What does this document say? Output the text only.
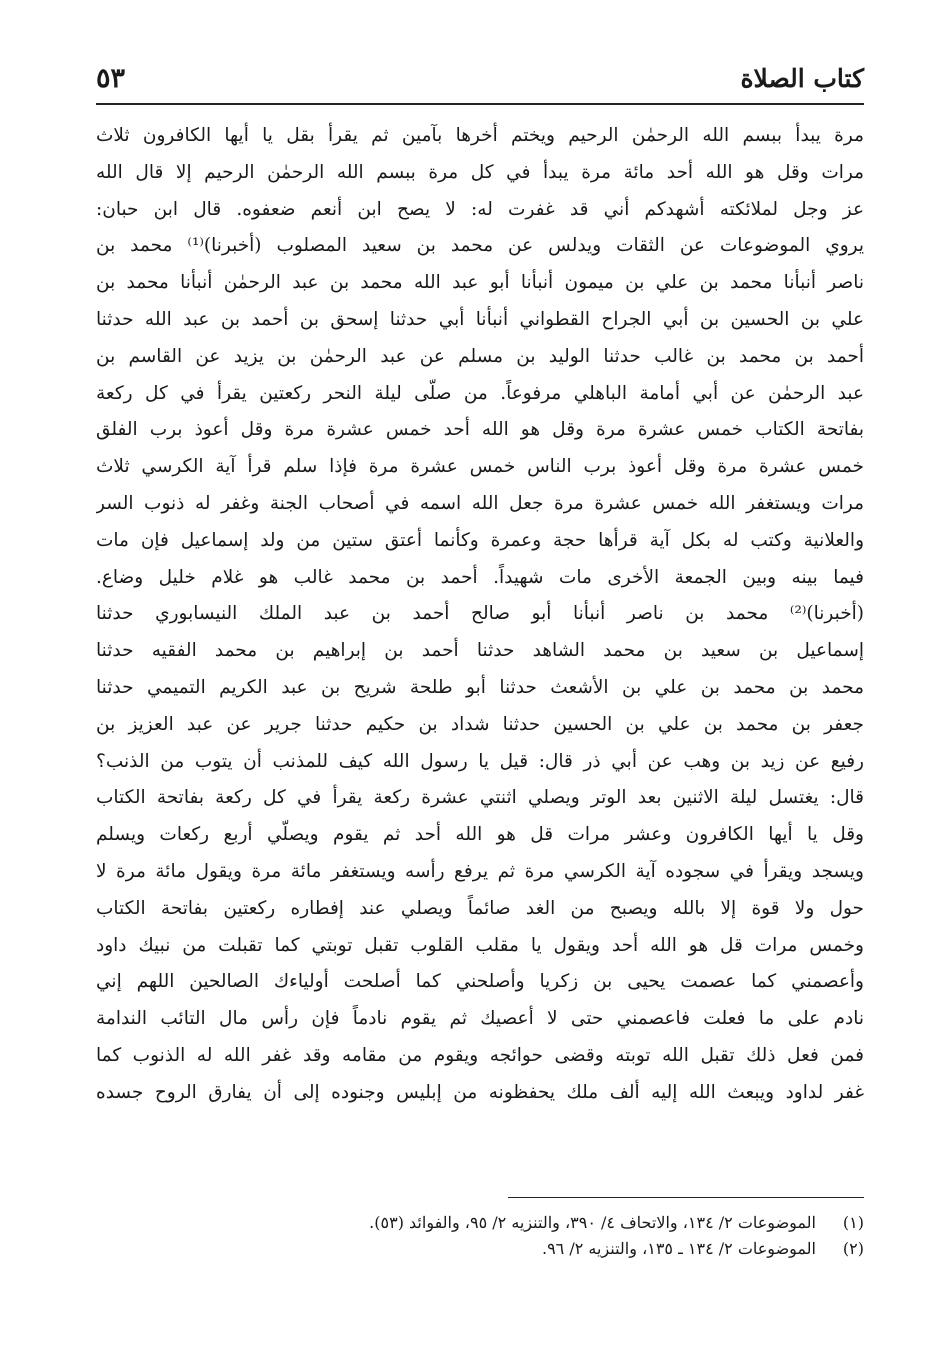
كتاب الصلاة
٥٣
مرة يبدأ ببسم الله الرحمٰن الرحيم ويختم أخرها بآمين ثم يقرأ بقل يا أيها الكافرون ثلاث
مرات وقل هو الله أحد مائة مرة يبدأ في كل مرة ببسم الله الرحمٰن الرحيم إلا قال الله
عز وجل لملائكته أشهدكم أني قد غفرت له: لا يصح ابن أنعم ضعفوه. قال ابن حبان:
يروي الموضوعات عن الثقات ويدلس عن محمد بن سعيد المصلوب (أخبرنا)⁽¹⁾ محمد بن
ناصر أنبأنا محمد بن علي بن ميمون أنبأنا أبو عبد الله محمد بن عبد الرحمٰن أنبأنا محمد بن
علي بن الحسين بن أبي الجراح القطواني أنبأنا أبي حدثنا إسحق بن أحمد بن عبد الله حدثنا
أحمد بن محمد بن غالب حدثنا الوليد بن مسلم عن عبد الرحمٰن بن يزيد عن القاسم بن
عبد الرحمٰن عن أبي أمامة الباهلي مرفوعاً. من صلّى ليلة النحر ركعتين يقرأ في كل ركعة
بفاتحة الكتاب خمس عشرة مرة وقل هو الله أحد خمس عشرة مرة وقل أعوذ برب الفلق
خمس عشرة مرة وقل أعوذ برب الناس خمس عشرة مرة فإذا سلم قرأ آية الكرسي ثلاث
مرات ويستغفر الله خمس عشرة مرة جعل الله اسمه في أصحاب الجنة وغفر له ذنوب السر
والعلانية وكتب له بكل آية قرأها حجة وعمرة وكأنما أعتق ستين من ولد إسماعيل فإن مات
فيما بينه وبين الجمعة الأخرى مات شهيداً. أحمد بن محمد غالب هو غلام خليل وضاع.
(أخبرنا)⁽²⁾ محمد بن ناصر أنبأنا أبو صالح أحمد بن عبد الملك النيسابوري حدثنا
إسماعيل بن سعيد بن محمد الشاهد حدثنا أحمد بن إبراهيم بن محمد الفقيه حدثنا
محمد بن محمد بن علي بن الأشعث حدثنا أبو طلحة شريح بن عبد الكريم التميمي حدثنا
جعفر بن محمد بن علي بن الحسين حدثنا شداد بن حكيم حدثنا جرير عن عبد العزيز بن
رفيع عن زيد بن وهب عن أبي ذر قال: قيل يا رسول الله كيف للمذنب أن يتوب من الذنب؟
قال: يغتسل ليلة الاثنين بعد الوتر ويصلي اثنتي عشرة ركعة يقرأ في كل ركعة بفاتحة الكتاب
وقل يا أيها الكافرون وعشر مرات قل هو الله أحد ثم يقوم ويصلّي أربع ركعات ويسلم
ويسجد ويقرأ في سجوده آية الكرسي مرة ثم يرفع رأسه ويستغفر مائة مرة ويقول مائة مرة لا
حول ولا قوة إلا بالله ويصبح من الغد صائماً ويصلي عند إفطاره ركعتين بفاتحة الكتاب
وخمس مرات قل هو الله أحد ويقول يا مقلب القلوب تقبل توبتي كما تقبلت من نبيك داود
وأعصمني كما عصمت يحيى بن زكريا وأصلحني كما أصلحت أولياءك الصالحين اللهم إني
نادم على ما فعلت فاعصمني حتى لا أعصيك ثم يقوم نادماً فإن رأس مال التائب الندامة
فمن فعل ذلك تقبل الله توبته وقضى حوائجه ويقوم من مقامه وقد غفر الله له الذنوب كما
غفر لداود ويبعث الله إليه ألف ملك يحفظونه من إبليس وجنوده إلى أن يفارق الروح جسده
(١)
الموضوعات ٢/ ١٣٤، والاتحاف ٤/ ٣٩٠، والتنزيه ٢/ ٩٥، والفوائد (٥٣).
(٢)
الموضوعات ٢/ ١٣٤ ـ ١٣٥، والتنزيه ٢/ ٩٦.
